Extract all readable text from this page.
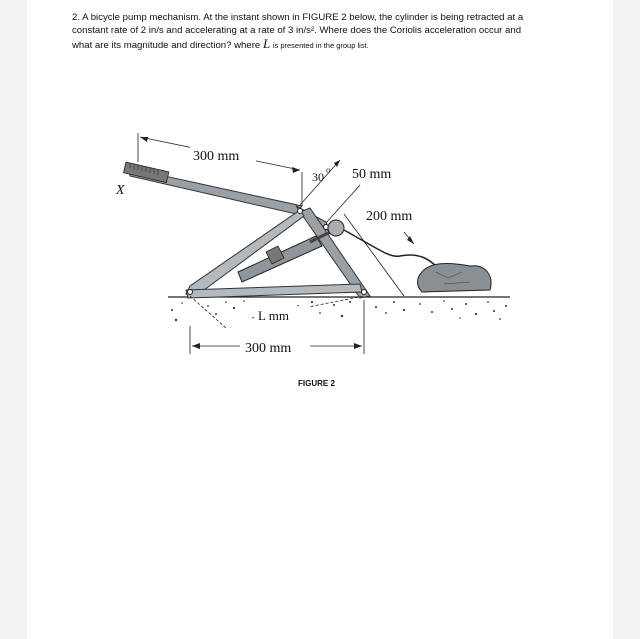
2. A bicycle pump mechanism. At the instant shown in FIGURE 2 below, the cylinder is being retracted at a constant rate of 2 in/s and accelerating at a rate of 3 in/s². Where does the Coriolis acceleration occur and what are its magnitude and direction? where L is presented in the group list.
300 mm
30 o 50 mm
200 mm
X
L mm
300 mm
FIGURE 2
